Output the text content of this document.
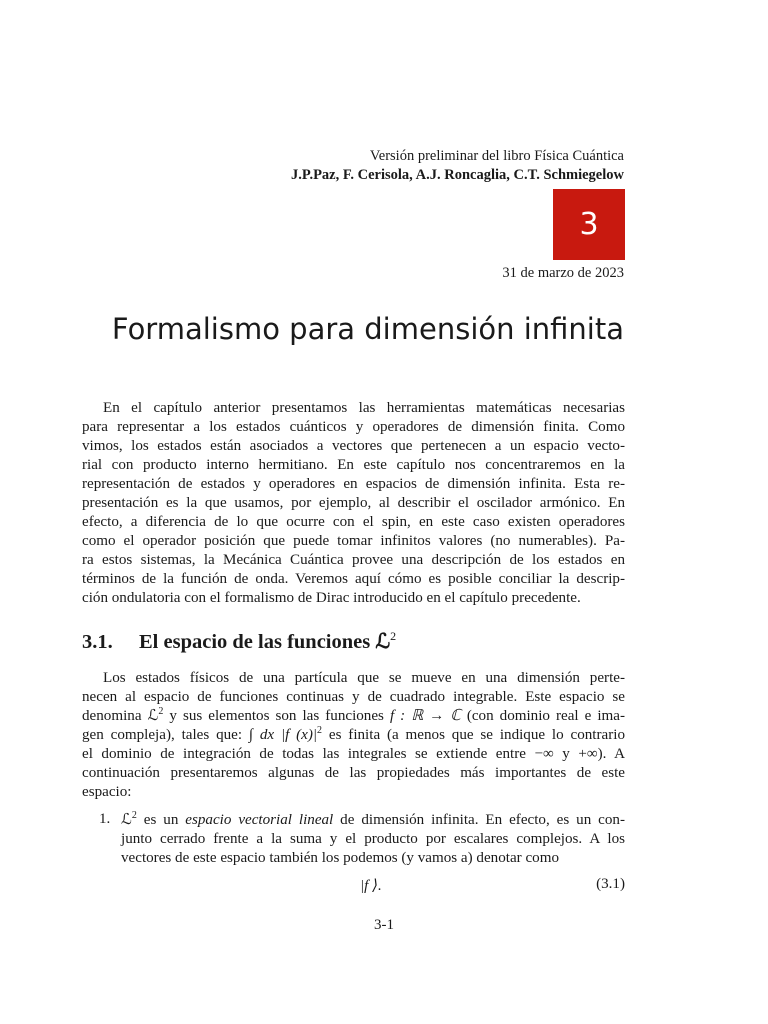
Versión preliminar del libro Física Cuántica
J.P.Paz, F. Cerisola, A.J. Roncaglia, C.T. Schmiegelow
3
31 de marzo de 2023
Formalismo para dimensión infinita
En el capítulo anterior presentamos las herramientas matemáticas necesarias
para representar a los estados cuánticos y operadores de dimensión finita. Como
vimos, los estados están asociados a vectores que pertenecen a un espacio vecto-
rial con producto interno hermitiano. En este capítulo nos concentraremos en la
representación de estados y operadores en espacios de dimensión infinita. Esta re-
presentación es la que usamos, por ejemplo, al describir el oscilador armónico. En
efecto, a diferencia de lo que ocurre con el spin, en este caso existen operadores
como el operador posición que puede tomar infinitos valores (no numerables). Pa-
ra estos sistemas, la Mecánica Cuántica provee una descripción de los estados en
términos de la función de onda. Veremos aquí cómo es posible conciliar la descrip-
ción ondulatoria con el formalismo de Dirac introducido en el capítulo precedente.
3.1. El espacio de las funciones ℒ$^2$
Los estados físicos de una partícula que se mueve en una dimensión perte-
necen al espacio de funciones continuas y de cuadrado integrable. Este espacio se
denomina ℒ$^2$ y sus elementos son las funciones f : ℝ → ℂ (con dominio real e ima-
gen compleja), tales que: ∫ dx |f $(x)|^2$ es finita (a menos que se indique lo contrario
el dominio de integración de todas las integrales se extiende entre −∞ y +∞). A
continuación presentaremos algunas de las propiedades más importantes de este
espacio:
1. ℒ$^2$ es un espacio vectorial lineal de dimensión infinita. En efecto, es un con-
junto cerrado frente a la suma y el producto por escalares complejos. A los
vectores de este espacio también los podemos (y vamos a) denotar como
|f ⟩.	(3.1)
3-1
